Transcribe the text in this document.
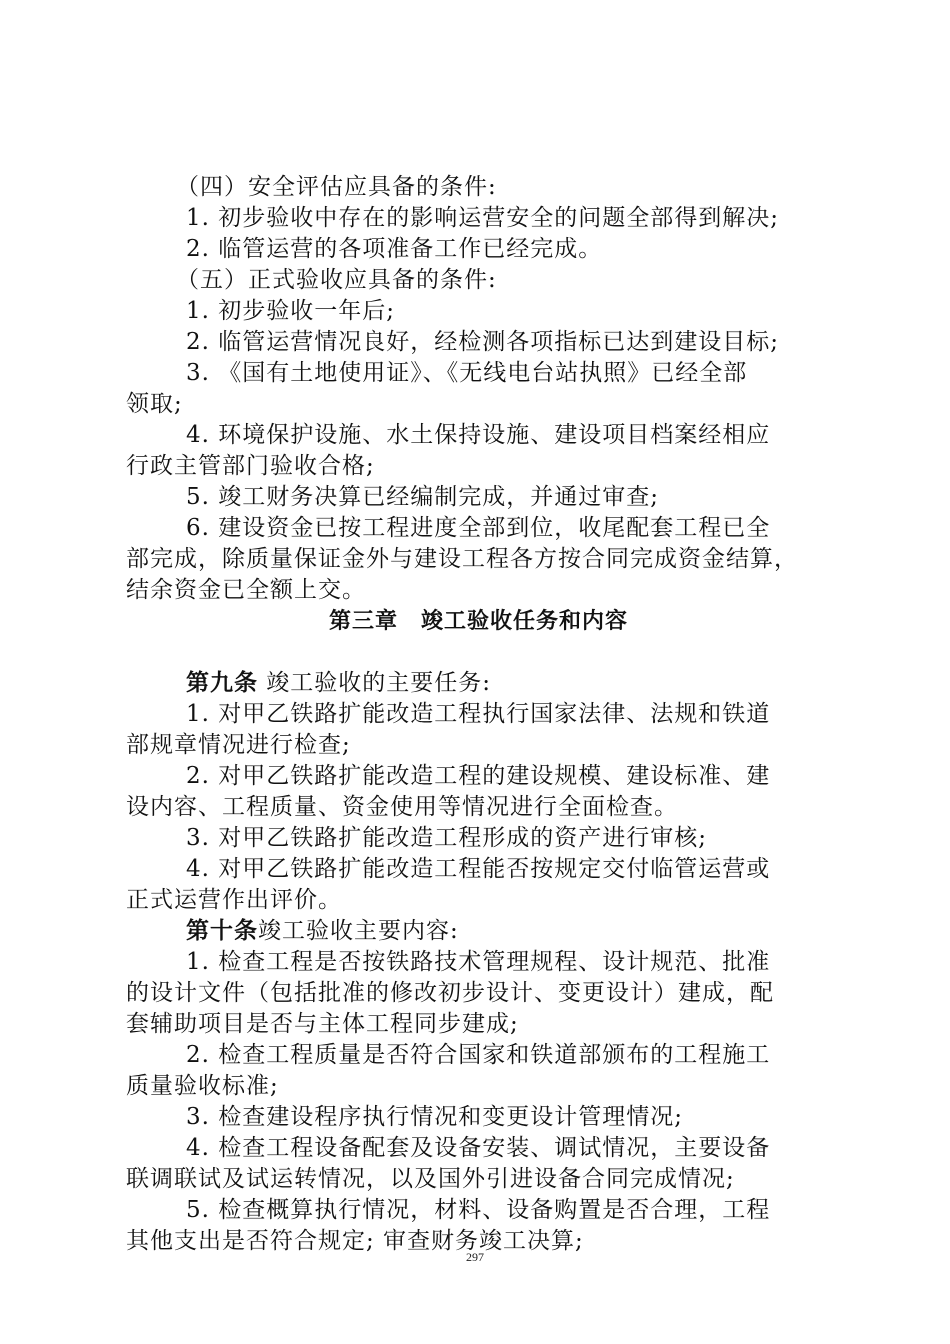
（四）安全评估应具备的条件:
1. 初步验收中存在的影响运营安全的问题全部得到解决;
2. 临管运营的各项准备工作已经完成。
（五）正式验收应具备的条件:
1. 初步验收一年后;
2. 临管运营情况良好，经检测各项指标已达到建设目标;
3. 《国有土地使用证》、《无线电台站执照》已经全部
领取;
4. 环境保护设施、水土保持设施、建设项目档案经相应
行政主管部门验收合格;
5. 竣工财务决算已经编制完成，并通过审查;
6. 建设资金已按工程进度全部到位，收尾配套工程已全
部完成，除质量保证金外与建设工程各方按合同完成资金结算，
结余资金已全额上交。
第三章　竣工验收任务和内容
第九条 竣工验收的主要任务:
1. 对甲乙铁路扩能改造工程执行国家法律、法规和铁道
部规章情况进行检查;
2. 对甲乙铁路扩能改造工程的建设规模、建设标准、建
设内容、工程质量、资金使用等情况进行全面检查。
3. 对甲乙铁路扩能改造工程形成的资产进行审核;
4. 对甲乙铁路扩能改造工程能否按规定交付临管运营或
正式运营作出评价。
第十条竣工验收主要内容:
1. 检查工程是否按铁路技术管理规程、设计规范、批准
的设计文件（包括批准的修改初步设计、变更设计）建成，配
套辅助项目是否与主体工程同步建成;
2. 检查工程质量是否符合国家和铁道部颁布的工程施工
质量验收标准;
3. 检查建设程序执行情况和变更设计管理情况;
4. 检查工程设备配套及设备安装、调试情况，主要设备
联调联试及试运转情况，以及国外引进设备合同完成情况;
5. 检查概算执行情况，材料、设备购置是否合理，工程
其他支出是否符合规定; 审查财务竣工决算;
297
